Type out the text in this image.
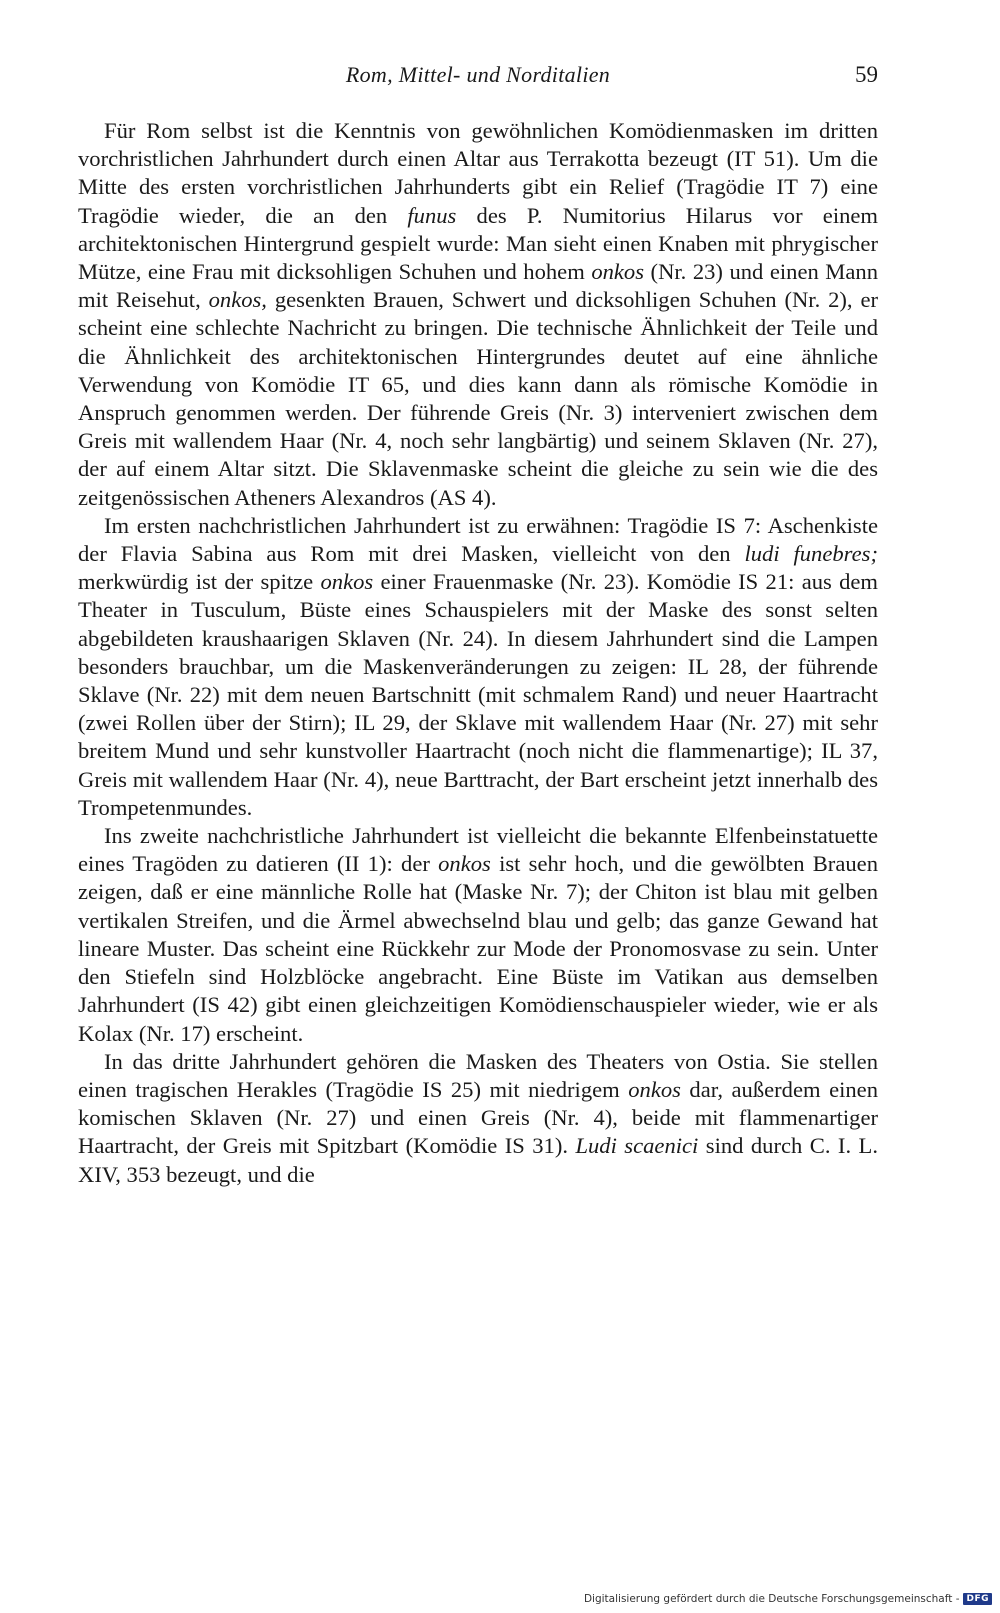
Rom, Mittel- und Norditalien	59

Für Rom selbst ist die Kenntnis von gewöhnlichen Komödienmasken im dritten vorchristlichen Jahrhundert durch einen Altar aus Terrakotta bezeugt (IT 51). Um die Mitte des ersten vorchristlichen Jahrhunderts gibt ein Relief (Tragödie IT 7) eine Tragödie wieder, die an den funus des P. Numitorius Hilarus vor einem architektonischen Hintergrund gespielt wurde: Man sieht einen Knaben mit phrygischer Mütze, eine Frau mit dicksohligen Schuhen und hohem onkos (Nr. 23) und einen Mann mit Reisehut, onkos, gesenkten Brauen, Schwert und dicksohligen Schuhen (Nr. 2), er scheint eine schlechte Nachricht zu bringen. Die technische Ähnlichkeit der Teile und die Ähnlichkeit des architektonischen Hintergrundes deutet auf eine ähnliche Verwendung von Komödie IT 65, und dies kann dann als römische Komödie in Anspruch genommen werden. Der führende Greis (Nr. 3) interveniert zwischen dem Greis mit wallendem Haar (Nr. 4, noch sehr langbärtig) und seinem Sklaven (Nr. 27), der auf einem Altar sitzt. Die Sklavenmaske scheint die gleiche zu sein wie die des zeitgenössischen Atheners Alexandros (AS 4).

Im ersten nachchristlichen Jahrhundert ist zu erwähnen: Tragödie IS 7: Aschenkiste der Flavia Sabina aus Rom mit drei Masken, vielleicht von den ludi funebres; merkwürdig ist der spitze onkos einer Frauenmaske (Nr. 23). Komödie IS 21: aus dem Theater in Tusculum, Büste eines Schauspielers mit der Maske des sonst selten abgebildeten kraushaarigen Sklaven (Nr. 24). In diesem Jahrhundert sind die Lampen besonders brauchbar, um die Maskenveränderungen zu zeigen: IL 28, der führende Sklave (Nr. 22) mit dem neuen Bartschnitt (mit schmalem Rand) und neuer Haartracht (zwei Rollen über der Stirn); IL 29, der Sklave mit wallendem Haar (Nr. 27) mit sehr breitem Mund und sehr kunstvoller Haartracht (noch nicht die flammenartige); IL 37, Greis mit wallendem Haar (Nr. 4), neue Barttracht, der Bart erscheint jetzt innerhalb des Trompetenmundes.

Ins zweite nachchristliche Jahrhundert ist vielleicht die bekannte Elfenbeinstatuette eines Tragöden zu datieren (II 1): der onkos ist sehr hoch, und die gewölbten Brauen zeigen, daß er eine männliche Rolle hat (Maske Nr. 7); der Chiton ist blau mit gelben vertikalen Streifen, und die Ärmel abwechselnd blau und gelb; das ganze Gewand hat lineare Muster. Das scheint eine Rückkehr zur Mode der Pronomosvase zu sein. Unter den Stiefeln sind Holzblöcke angebracht. Eine Büste im Vatikan aus demselben Jahrhundert (IS 42) gibt einen gleichzeitigen Komödienschauspieler wieder, wie er als Kolax (Nr. 17) erscheint.

In das dritte Jahrhundert gehören die Masken des Theaters von Ostia. Sie stellen einen tragischen Herakles (Tragödie IS 25) mit niedrigem onkos dar, außerdem einen komischen Sklaven (Nr. 27) und einen Greis (Nr. 4), beide mit flammenartiger Haartracht, der Greis mit Spitzbart (Komödie IS 31). Ludi scaenici sind durch C. I. L. XIV, 353 bezeugt, und die

Digitalisierung gefördert durch die Deutsche Forschungsgemeinschaft - DFG
